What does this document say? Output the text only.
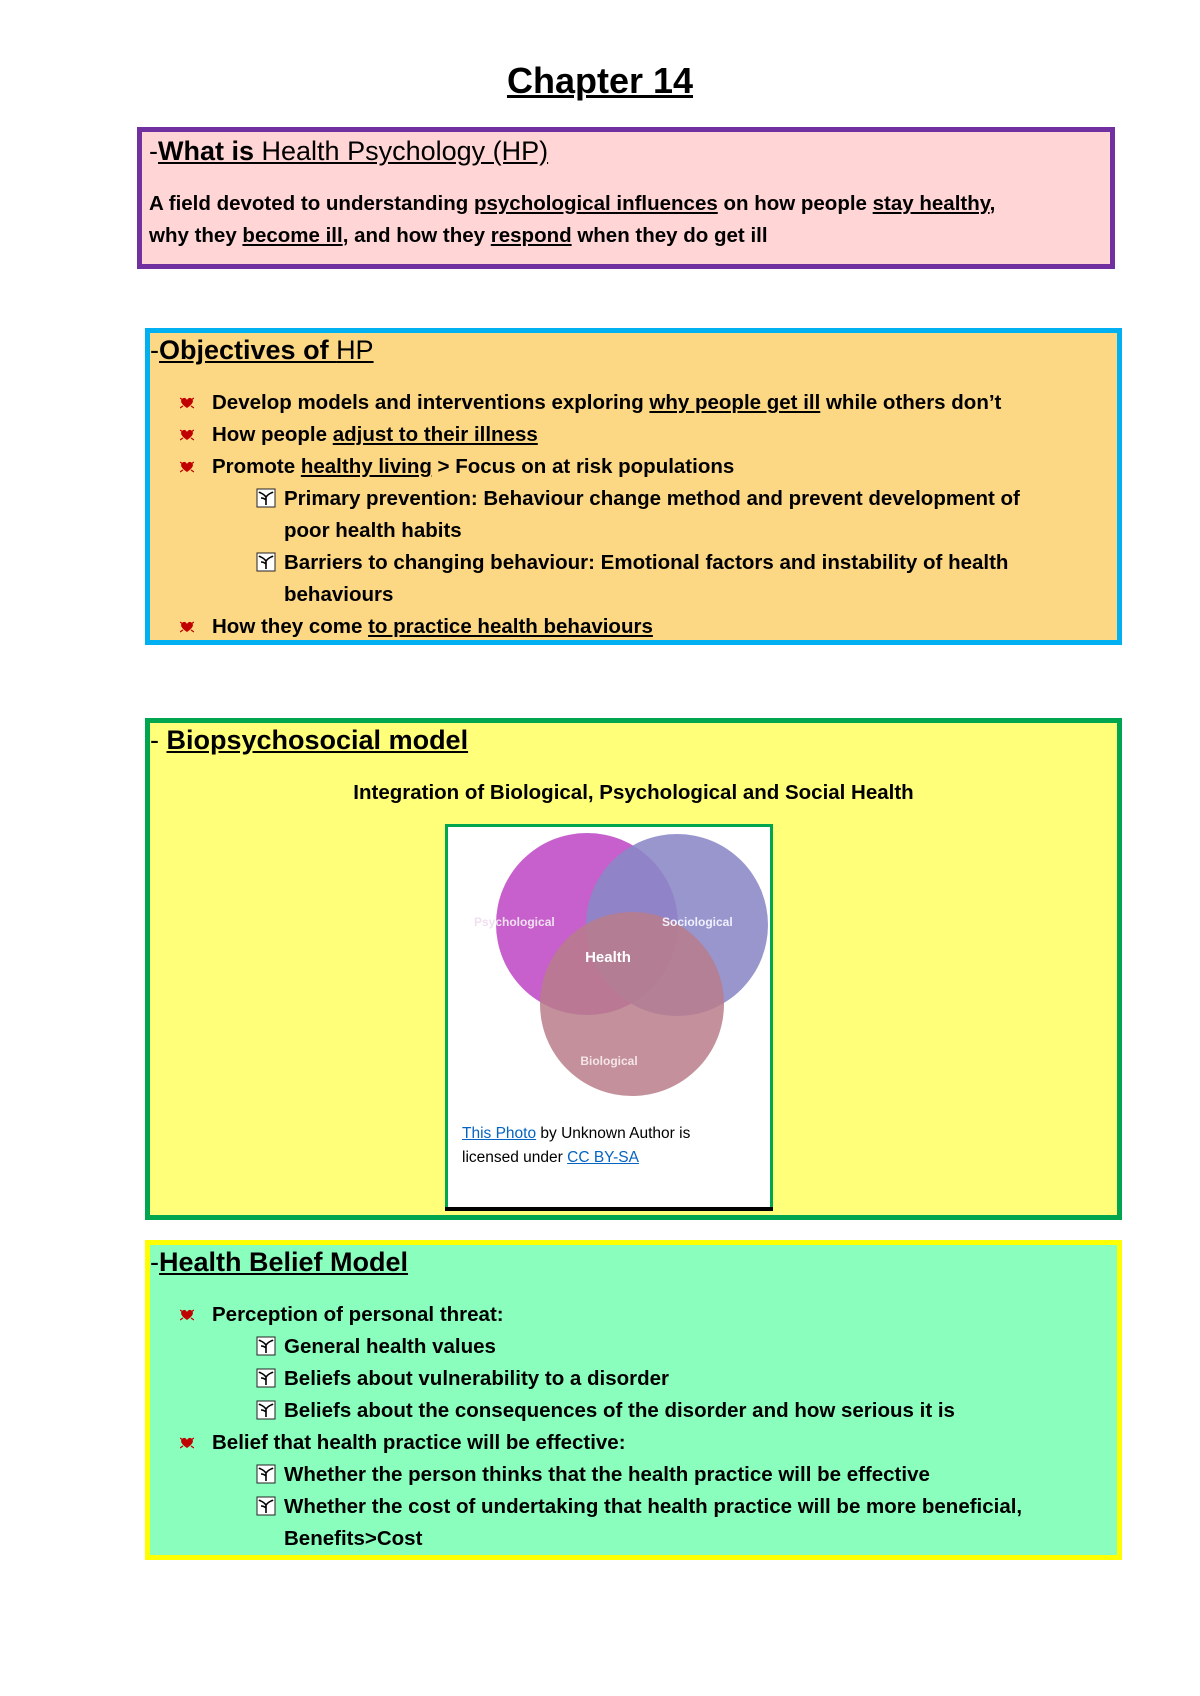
Chapter 14
-What is Health Psychology (HP)
A field devoted to understanding psychological influences on how people stay healthy,
why they become ill, and how they respond when they do get ill
-Objectives of HP
Develop models and interventions exploring why people get ill while others don’t
How people adjust to their illness
Promote healthy living > Focus on at risk populations
Primary prevention: Behaviour change method and prevent development of poor health habits
Barriers to changing behaviour: Emotional factors and instability of health behaviours
How they come to practice health behaviours
- Biopsychosocial model
Integration of Biological, Psychological and Social Health
Psychological	Sociological
Health
Biological
This Photo by Unknown Author is
licensed under CC BY-SA
-Health Belief Model
Perception of personal threat:
General health values
Beliefs about vulnerability to a disorder
Beliefs about the consequences of the disorder and how serious it is
Belief that health practice will be effective:
Whether the person thinks that the health practice will be effective
Whether the cost of undertaking that health practice will be more beneficial, Benefits>Cost
